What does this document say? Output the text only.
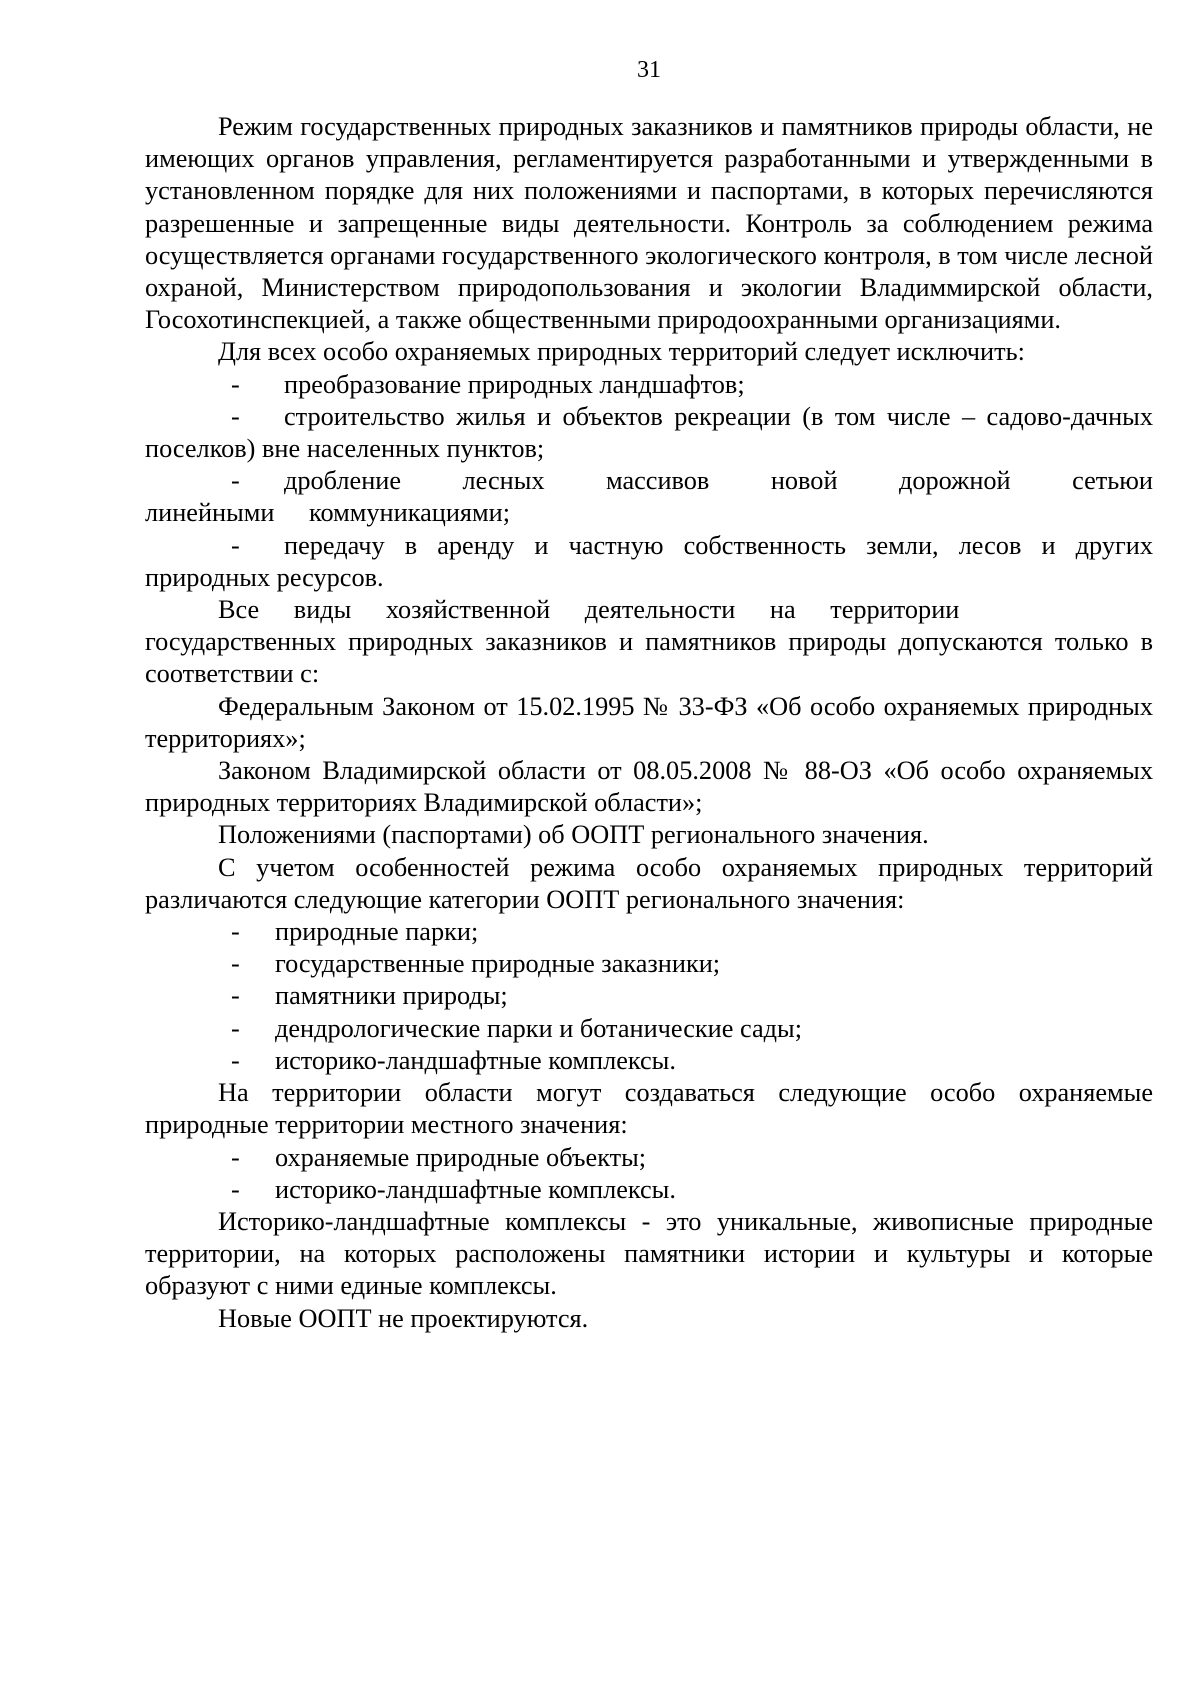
31

Режим государственных природных заказников и памятников природы области, не имеющих органов управления, регламентируется разработанными и утвержденными в установленном порядке для них положениями и паспортами, в которых перечисляются разрешенные и запрещенные виды деятельности. Контроль за соблюдением режима осуществляется органами государственного экологического контроля, в том числе лесной охраной, Министерством природопользования и экологии Владиммирской области, Госохотинспекцией, а также общественными природоохранными организациями.

Для всех особо охраняемых природных территорий следует исключить:

- преобразование природных ландшафтов;

- строительство жилья и объектов рекреации (в том числе – садово-дачных поселков) вне населенных пунктов;

- дробление лесных массивов новой дорожной сетьюи линейными коммуникациями;

- передачу в аренду и частную собственность земли, лесов и других природных ресурсов.

Все виды хозяйственной деятельности на территории

государственных природных заказников и памятников природы допускаются только в соответствии с:

Федеральным Законом от 15.02.1995 № 33-ФЗ «Об особо охраняемых природных территориях»;

Законом Владимирской области от 08.05.2008 № 88-ОЗ «Об особо охраняемых природных территориях Владимирской области»;

Положениями (паспортами) об ООПТ регионального значения.

С учетом особенностей режима особо охраняемых природных территорий различаются следующие категории ООПТ регионального значения:

- природные парки;

- государственные природные заказники;

- памятники природы;

- дендрологические парки и ботанические сады;

- историко-ландшафтные комплексы.

На территории области могут создаваться следующие особо охраняемые природные территории местного значения:

- охраняемые природные объекты;

- историко-ландшафтные комплексы.

Историко-ландшафтные комплексы - это уникальные, живописные природные территории, на которых расположены памятники истории и культуры и которые образуют с ними единые комплексы.

Новые ООПТ не проектируются.
